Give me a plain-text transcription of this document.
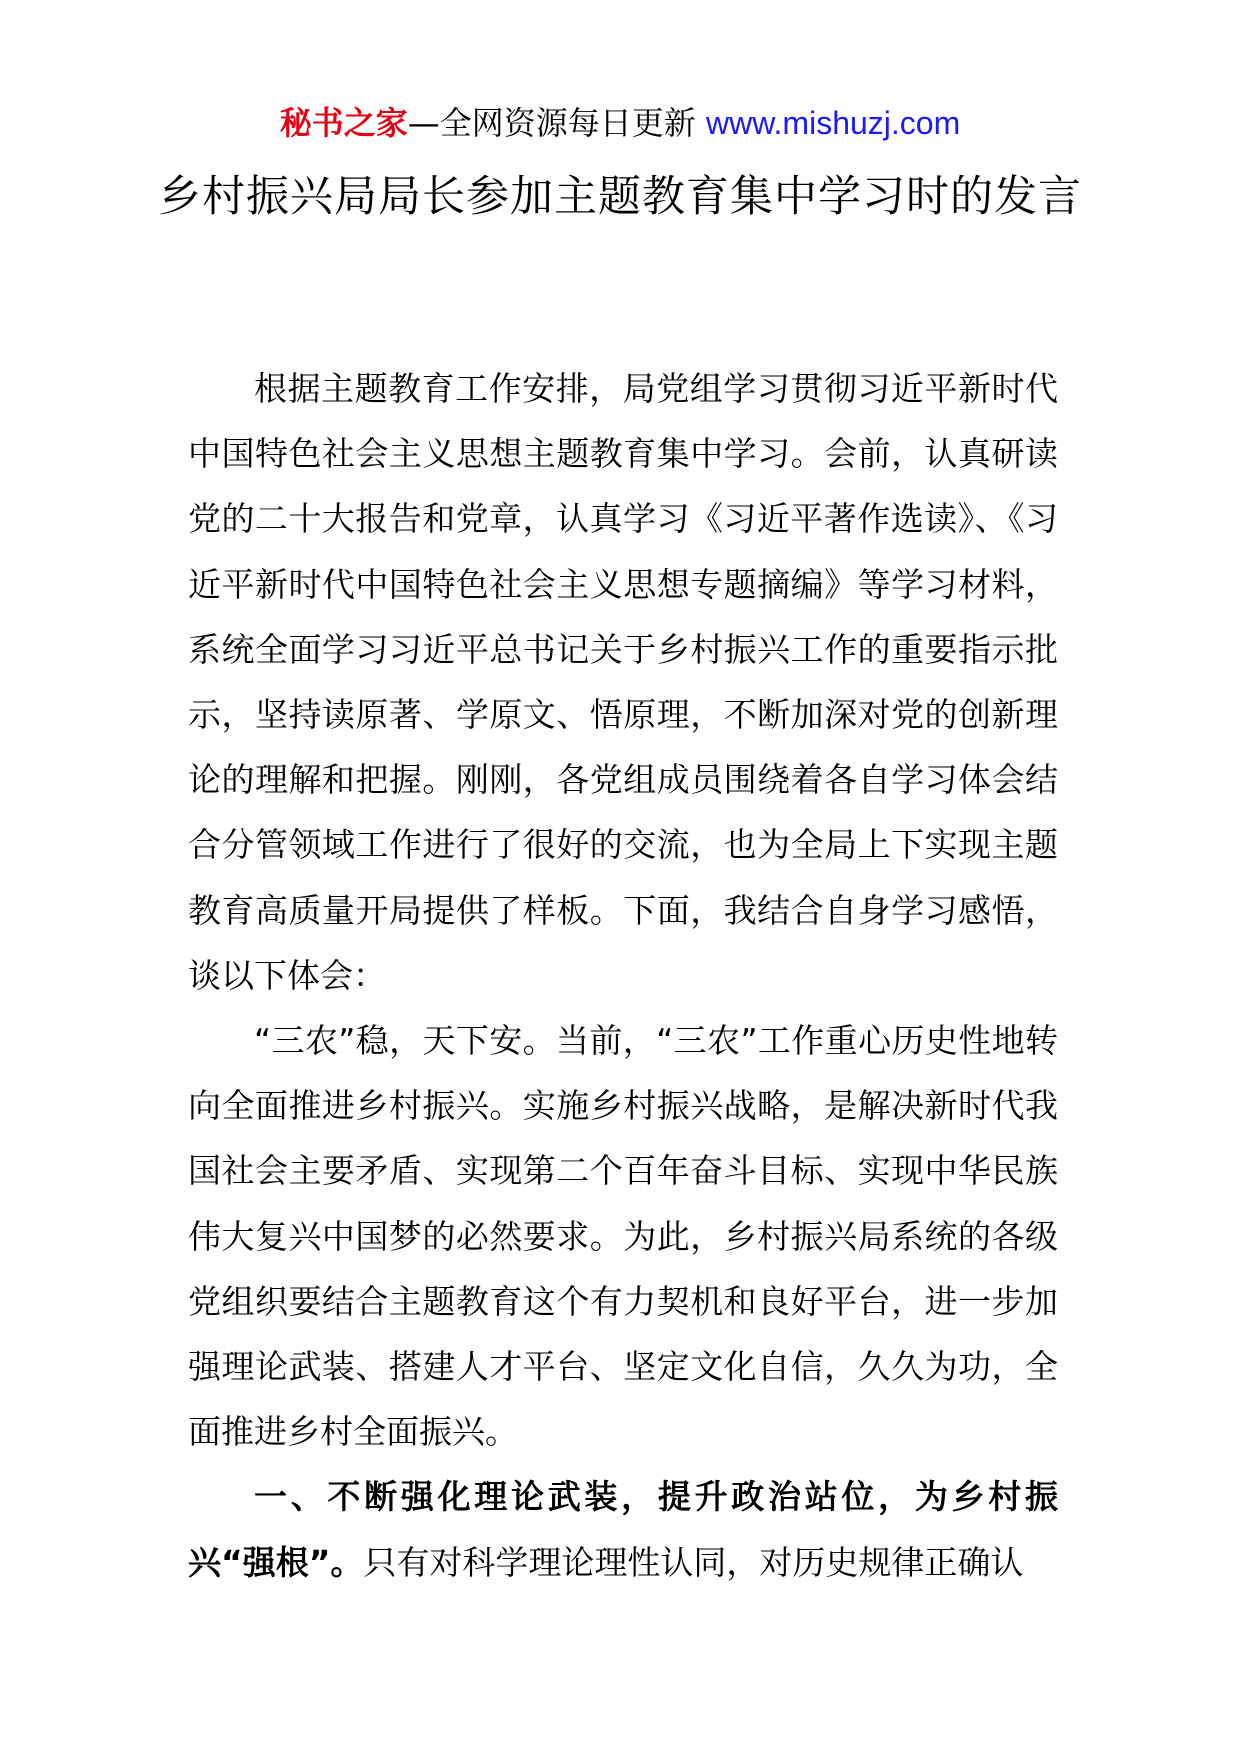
秘书之家—全网资源每日更新 www.mishuzj.com
乡村振兴局局长参加主题教育集中学习时的发言

根据主题教育工作安排，局党组学习贯彻习近平新时代中国特色社会主义思想主题教育集中学习。会前，认真研读党的二十大报告和党章，认真学习《习近平著作选读》、《习近平新时代中国特色社会主义思想专题摘编》等学习材料，系统全面学习习近平总书记关于乡村振兴工作的重要指示批示，坚持读原著、学原文、悟原理，不断加深对党的创新理论的理解和把握。刚刚，各党组成员围绕着各自学习体会结合分管领域工作进行了很好的交流，也为全局上下实现主题教育高质量开局提供了样板。下面，我结合自身学习感悟，谈以下体会：

“三农”稳，天下安。当前，“三农”工作重心历史性地转向全面推进乡村振兴。实施乡村振兴战略，是解决新时代我国社会主要矛盾、实现第二个百年奋斗目标、实现中华民族伟大复兴中国梦的必然要求。为此，乡村振兴局系统的各级党组织要结合主题教育这个有力契机和良好平台，进一步加强理论武装、搭建人才平台、坚定文化自信，久久为功，全面推进乡村全面振兴。

一、不断强化理论武装，提升政治站位，为乡村振兴“强根”。只有对科学理论理性认同，对历史规律正确认
